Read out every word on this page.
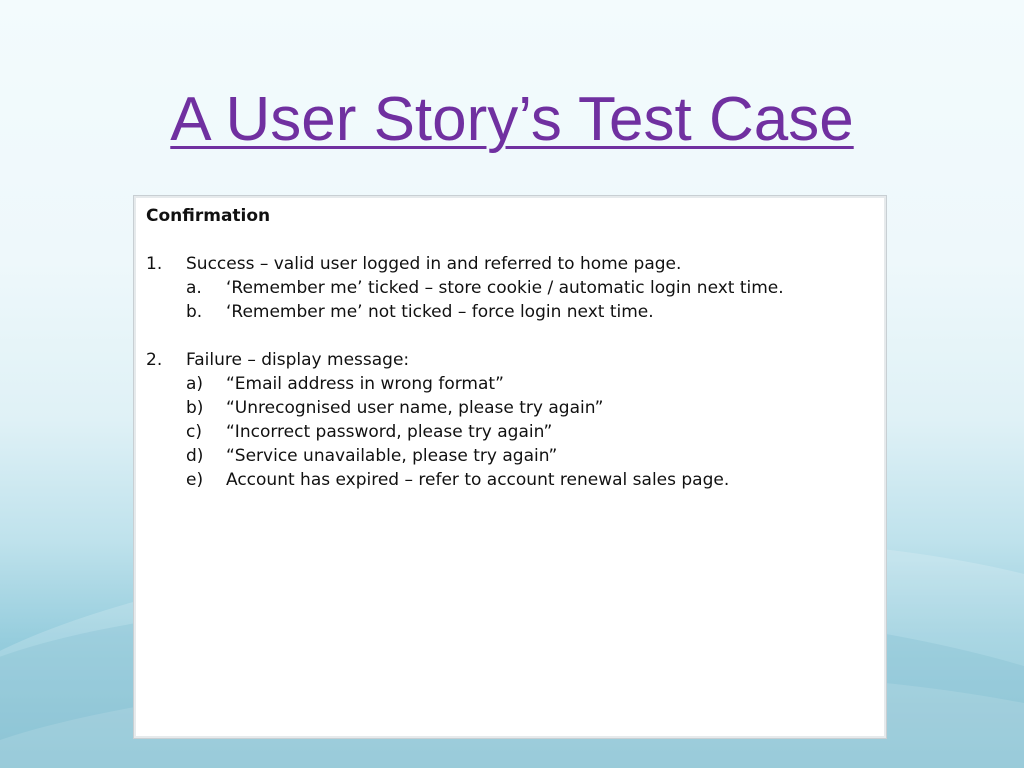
A User Story’s Test Case
Confirmation
1.	Success – valid user logged in and referred to home page.
a.	‘Remember me’ ticked – store cookie / automatic login next time.
b.	‘Remember me’ not ticked – force login next time.
2.	Failure – display message:
a)	“Email address in wrong format”
b)	“Unrecognised user name, please try again”
c)	“Incorrect password, please try again”
d)	“Service unavailable, please try again”
e)	Account has expired – refer to account renewal sales page.
